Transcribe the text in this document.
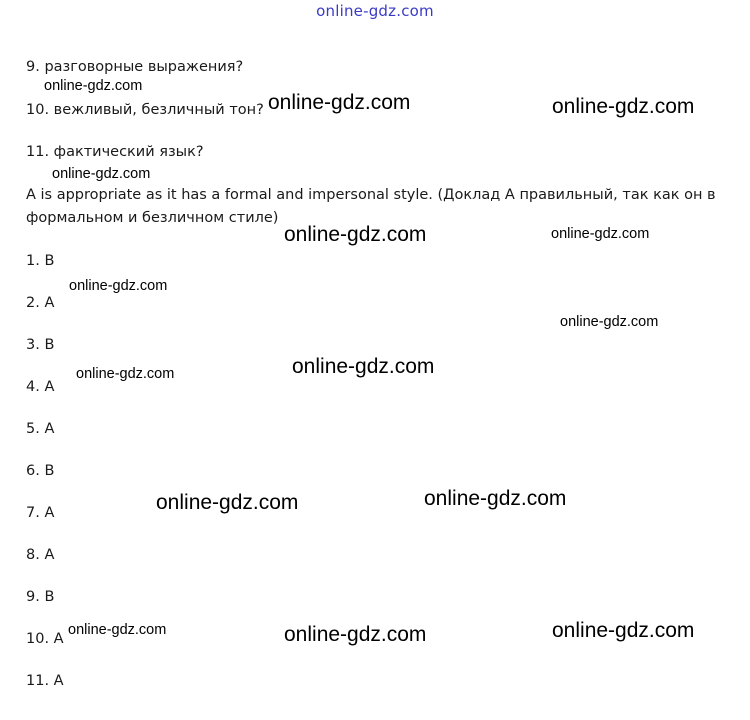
online-gdz.com
9. разговорные выражения?
10. вежливый, безличный тон?
11. фактический язык?
A is appropriate as it has a formal and impersonal style. (Доклад А правильный, так как он в формальном и безличном стиле)
1. B
2. A
3. B
4. A
5. A
6. B
7. A
8. A
9. B
10. A
11. A
online-gdz.com
online-gdz.com	online-gdz.com
online-gdz.com
online-gdz.com	online-gdz.com
online-gdz.com
online-gdz.com
online-gdz.com
online-gdz.com
online-gdz.com
online-gdz.com
online-gdz.com	online-gdz.com
online-gdz.com
